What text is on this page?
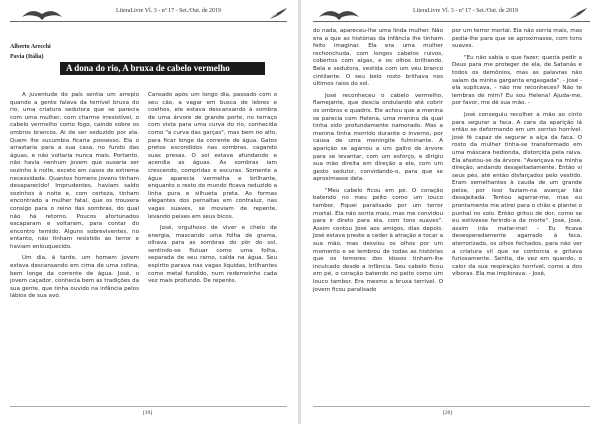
LiteraLivre Vl. 3 - nº 17 - Set./Out. de 2019
Alberto Arecchi
Pavia (Itália)
A dona do rio, A bruxa de cabelo vermelho

A juventude do país sentia um arrepio quando a gente falava da terrível bruxa do rio, uma criatura sedutora que se parecia com uma mulher, com charme irresistível, o cabelo vermelho como fogo, caindo sobre os ombros brancos. Ai de ser seduzido por ela. Quem lhe sucumbia ficaria possesso. Ela o arrastaria para a sua casa, no fundo das águas, e não voltaria nunca mais. Portanto, não havia nenhum jovem que ousaria ser sozinho à noite, exceto em casos de extrema necessidade. Quantos homens jovens tinham desaparecido! Imprudentes, haviam saído sozinhos à noite e, com certeza, tinham encontrado a mulher fatal, que os trouxera consigo para o reino das sombras, do qual não há retorno. Poucos afortunados escaparam e voltaram, para contar do encontro temido. Alguns sobreviventes, no entanto, não tinham resistido ao terror e haviam enlouquecido.

Um dia, à tarde, um homem jovem estava descansando em cima de uma colina, bem longe da corrente de água. José, o jovem caçador, conhecia bem as tradições da sua gente, que tinha ouvido na infância pelos lábios de sua avó.

Cansado após um longo dia, passado com o seu cão, a vagar em busca de lebres e coelhos, ele estava descansando à sombra de uma árvore de grande porte, no terraço com vista para uma curva do rio, conhecida como "a curva das garças", mas bem no alto, para ficar longe da corrente de água. Gatos pretos escondidos nas sombras, cagando suas presas. O sol estava afundando e acendia as águas. As sombras iam crescendo, compridas e escuras. Somente a água aparecia vermelha e brilhante, enquanto o resto do mundo ficava reduzido a linha pura e silhueta preta. As formas elegantes dos pernaltas em contraluz, nas vagas suaves, se moviam de repente, levando peixes em seus bicos.

José, orgulhoso de viver e cheio de energia, mascando uma folha de grama, olhava para as sombras do pôr do sol, sentindo-se flutuar como uma folha, separada de seu ramo, caída na água. Seu espírito parava nas vagas líquidas, brilhantes como metal fundido, num redemoinho cada vez mais profundo. De repente,

[19]
LiteraLivre Vl. 3 - nº 17 - Set./Out. de 2019

do nada, apareceu-lhe uma linda mulher. Não era a que as histórias da infância lhe tinham feito imaginar. Ela era uma mulher rechonchuda, com longos cabelos ruivos, cobertos com algas, e os olhos brilhando. Bela e sedutora, vestida com um véu branco cintilante. O seu belo rosto brilhava nos últimos raios do sol.

José reconheceu o cabelo vermelho, flamejante, que descia ondulando até cobrir os ombros e quadris. Ele achou que a menina se parecia com Helena, uma menina da qual tinha sido profundamente namorado. Mas a menina tinha morrido durante o inverno, por causa de uma meningite fulminante. A aparição se agarrou a um galho de árvore para se levantar, com um esforço, e dirigiu sua mão direita em direção a ele, com um gesto sedutor, convidando-o, para que se aproximasse dela.

"Meu cabelo ficou em pé. O coração batendo no meu peito como um louco tambor. Fiquei paralisado por um terror mortal. Ela não sorria mais, mas me convidou para ir direto para ela, com tons suaves". Assim contou José aos amigos, dias depois. José estava preste a ceder à atração e tocar a sua mão, mas desviou os olhos por um momento e se lembrou de todas as histórias que os temores dos idosos tinham-lhe inculcado desde a infância. Seu cabelo ficou em pé, o coração batendo no peito como um louco tambor. Era mesmo a bruxa terrível. O jovem ficou paralisado

por um terror mortal. Ela não sorria mais, mas pedia-lhe para que se aproximasse, com tons suaves.

"Eu não sabia o que fazer; queria pedir a Deus para me proteger de ela, de Satanás e todos os demônios, mas as palavras não saíam da minha garganta engasgada". - José - ela suplicava, - não me reconheces? Não te lembras de mim? Eu sou Helena! Ajuda-me, por favor, me dê sua mão. -

José conseguiu recolher a mão ao cinto para segurar a faca. A cara da aparição lá então se deformando em um sorriso horrível. José fê capaz de segurar a alça da faca. O rosto da mulher tinha-se transformado em uma máscara hedionda, distorcida pela raiva. Ela afastou-se da árvore. "Avançava na minha direção, andando desajeitadamente. Então vi seus pés, até então disfarçados pelo vestido. Eram semelhantes à cauda de um grande peixe, por isso faziam-na avançar tão desajeitada. Tentou agarrar-me, mas eu prontamente me atirei para o chão e plantei o punhal no solo. Então gritou de dor, como se eu estivesse ferindo-a de morte". José, José, assim irás matar-me! - Eu ficava desesperadamente agarrado à faca, aterrorizado, os olhos fechados, para não ver a criatura vil que se contorcia e gritava furiosamente. Sentia, de vez em quando, o calor da sua respiração horrível, como a dos víboras. Ela me implorava: - José,

[20]
